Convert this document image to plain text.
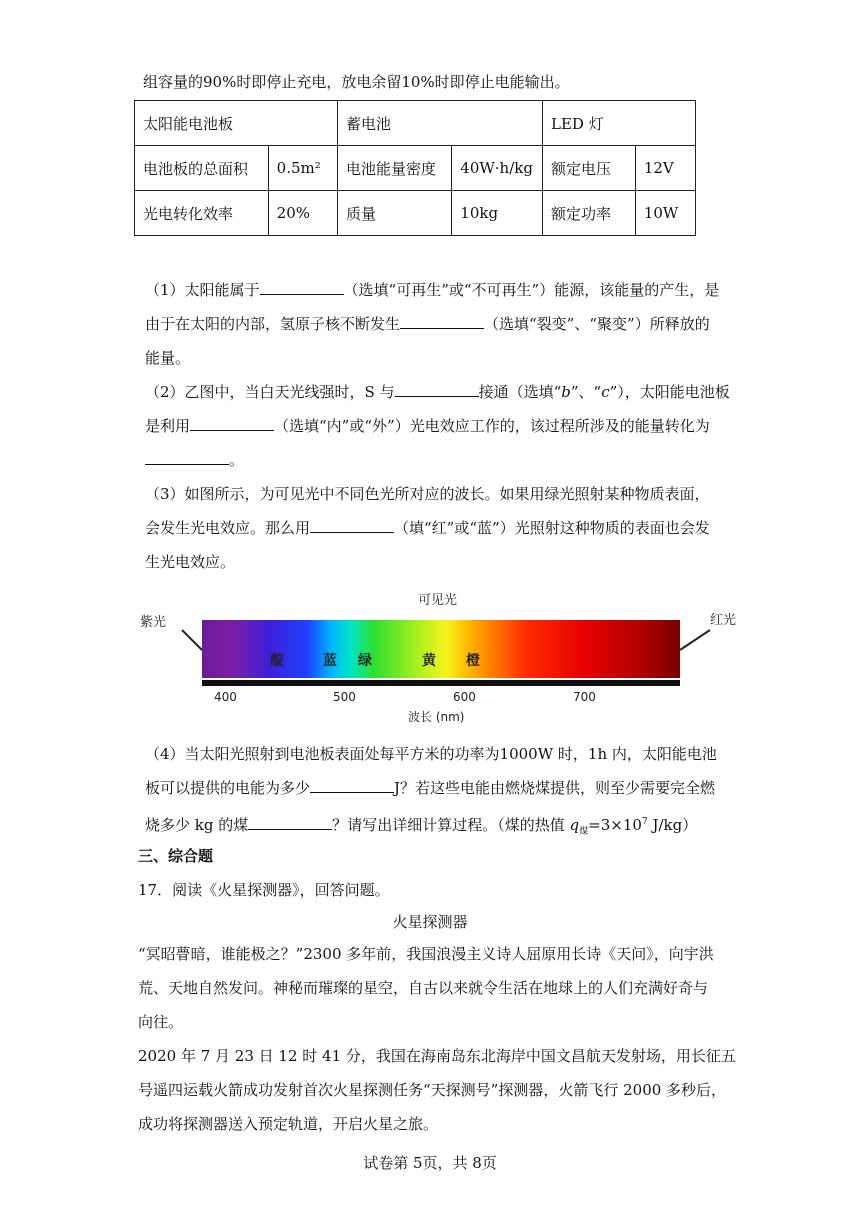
组容量的90%时即停止充电，放电余留10%时即停止电能输出。
太阳能电池板		蓄电池		LED 灯	
电池板的总面积	0.5m²	电池能量密度	40W·h/kg	额定电压	12V
光电转化效率	20%	质量	10kg	额定功率	10W
（1）太阳能属于	（选填“可再生”或“不可再生”）能源，该能量的产生，是
由于在太阳的内部，氢原子核不断发生	（选填“裂变”、“聚变”）所释放的
能量。
（2）乙图中，当白天光线强时，S 与	接通（选填“b”、“c”），太阳能电池板
是利用	（选填“内”或“外”）光电效应工作的，该过程所涉及的能量转化为
。
（3）如图所示，为可见光中不同色光所对应的波长。如果用绿光照射某种物质表面，
会发生光电效应。那么用	（填“红”或“蓝”）光照射这种物质的表面也会发
生光电效应。
可见光
紫光	红光
靛	蓝 绿	黄 橙
400	500	600	700
波长 (nm)
（4）当太阳光照射到电池板表面处每平方米的功率为1000W 时，1h 内，太阳能电池
板可以提供的电能为多少	J？若这些电能由燃烧煤提供，则至少需要完全燃
烧多少 kg 的煤	？请写出详细计算过程。（煤的热值 $q_煤=3\times 10^7$ J/kg）
三、综合题
17．阅读《火星探测器》，回答问题。
火星探测器
“冥昭瞢暗，谁能极之？”2300 多年前，我国浪漫主义诗人屈原用长诗《天问》，向宇洪
荒、天地自然发问。神秘而璀璨的星空，自古以来就令生活在地球上的人们充满好奇与
向往。
2020 年 7 月 23 日 12 时 41 分，我国在海南岛东北海岸中国文昌航天发射场，用长征五
号遥四运载火箭成功发射首次火星探测任务“天探测号”探测器，火箭飞行 2000 多秒后，
成功将探测器送入预定轨道，开启火星之旅。
试卷第 5页，共 8页
